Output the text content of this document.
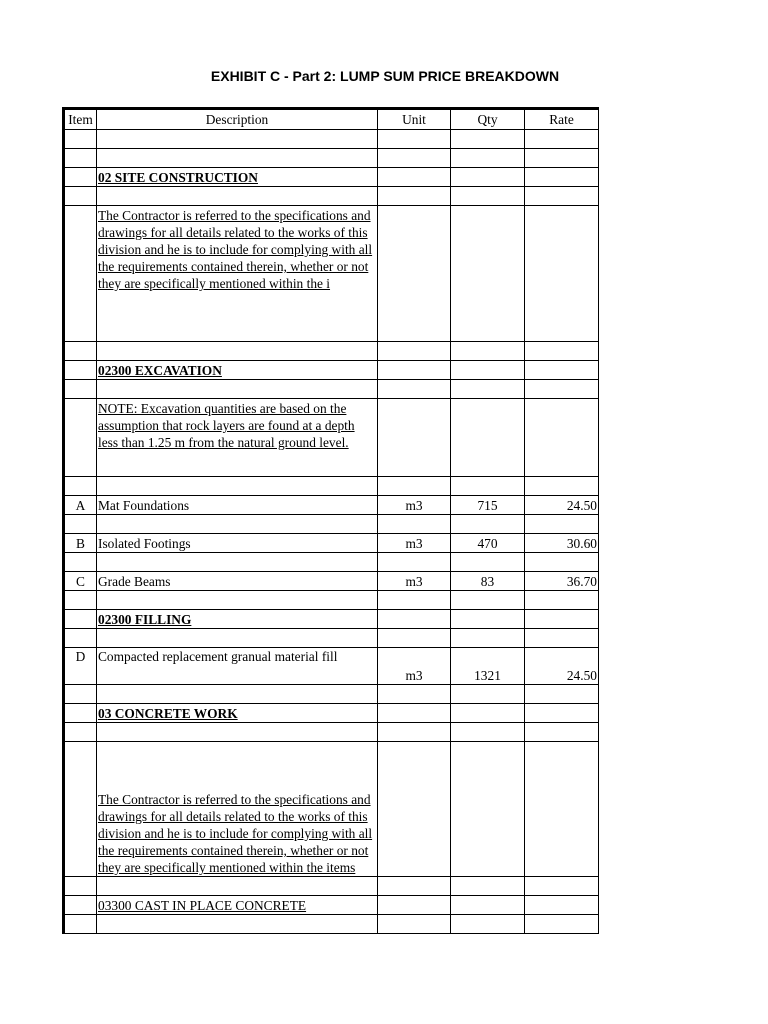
EXHIBIT C - Part 2: LUMP SUM PRICE BREAKDOWN
Item	Description	Unit	Qty	Rate

	02 SITE CONSTRUCTION			

	The Contractor is referred to the specifications and drawings for all details related to the works of this division and he is to include for complying with all the requirements contained therein, whether or not they are specifically mentioned within the i			

	02300 EXCAVATION			

	NOTE: Excavation quantities are based on the assumption that rock layers are found at a depth less than 1.25 m from the natural ground level.			

A	Mat Foundations	m3	715	24.50

B	Isolated Footings	m3	470	30.60

C	Grade Beams	m3	83	36.70

	02300 FILLING			

D	Compacted replacement granual material fill	m3	1321	24.50

	03 CONCRETE WORK			

	The Contractor is referred to the specifications and drawings for all details related to the works of this division and he is to include for complying with all the requirements contained therein, whether or not they are specifically mentioned within the items			

	03300 CAST IN PLACE CONCRETE			
